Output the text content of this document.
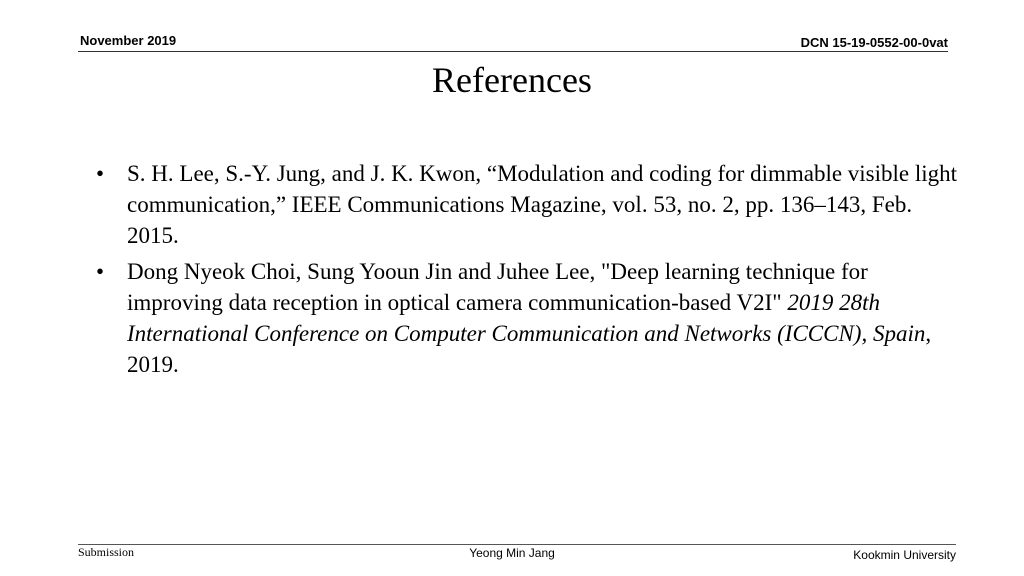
November 2019	DCN 15-19-0552-00-0vat
References
• S. H. Lee, S.-Y. Jung, and J. K. Kwon, “Modulation and coding for dimmable visible light communication,” IEEE Communications Magazine, vol. 53, no. 2, pp. 136–143, Feb. 2015.
• Dong Nyeok Choi, Sung Yooun Jin and Juhee Lee, "Deep learning technique for improving data reception in optical camera communication-based V2I" 2019 28th International Conference on Computer Communication and Networks (ICCCN), Spain, 2019.
Submission	Yeong Min Jang	Kookmin University
